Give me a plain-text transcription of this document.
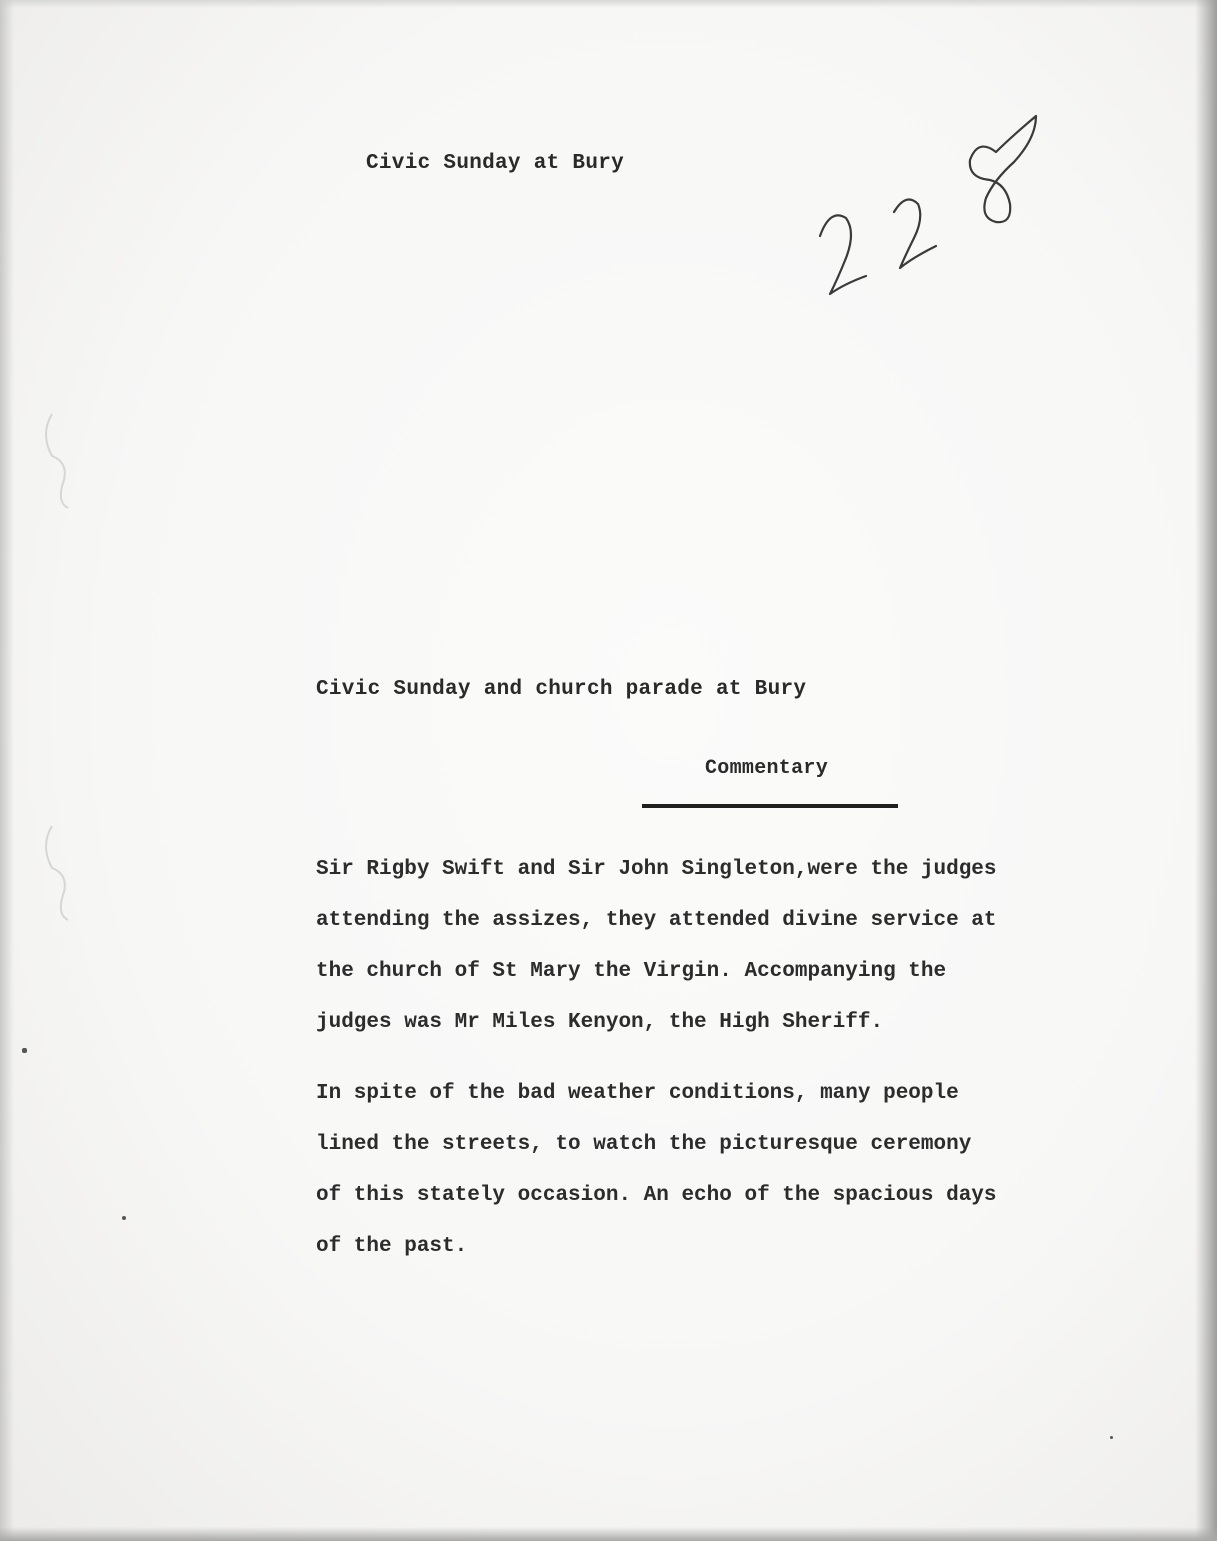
Civic Sunday at Bury
Civic Sunday and church parade at Bury
Commentary
Sir Rigby Swift and Sir John Singleton,were the judges
attending the assizes, they attended divine service at
the church of St Mary the Virgin. Accompanying the
judges was Mr Miles Kenyon, the High Sheriff.
In spite of the bad weather conditions, many people
lined the streets, to watch the picturesque ceremony
of this stately occasion. An echo of the spacious days
of the past.
